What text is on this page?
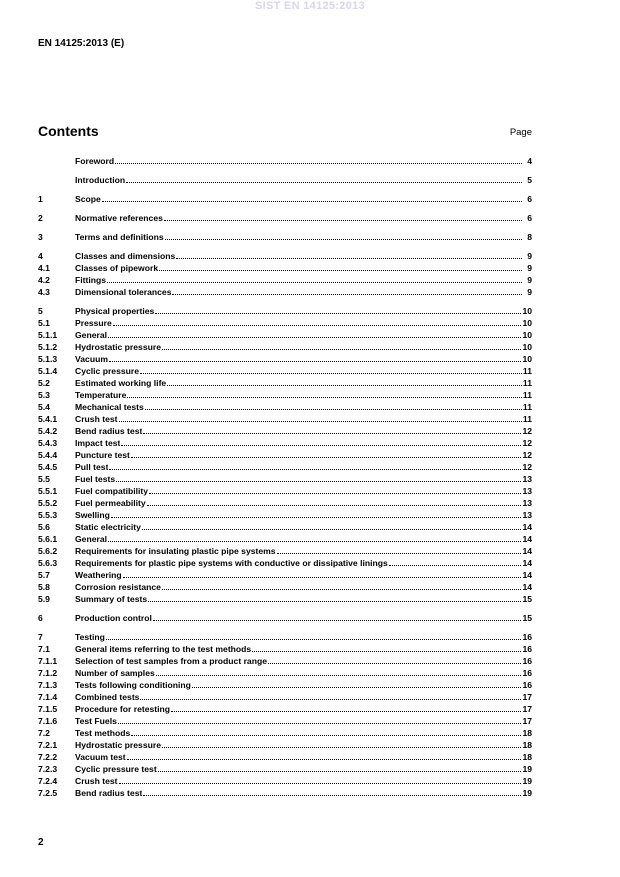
SIST EN 14125:2013
EN 14125:2013 (E)
Contents	Page
Foreword	4
Introduction	5
1	Scope	6
2	Normative references	6
3	Terms and definitions	8
4	Classes and dimensions	9
4.1	Classes of pipework	9
4.2	Fittings	9
4.3	Dimensional tolerances	9
5	Physical properties	10
5.1	Pressure	10
5.1.1	General	10
5.1.2	Hydrostatic pressure	10
5.1.3	Vacuum	10
5.1.4	Cyclic pressure	11
5.2	Estimated working life	11
5.3	Temperature	11
5.4	Mechanical tests	11
5.4.1	Crush test	11
5.4.2	Bend radius test	12
5.4.3	Impact test	12
5.4.4	Puncture test	12
5.4.5	Pull test	12
5.5	Fuel tests	13
5.5.1	Fuel compatibility	13
5.5.2	Fuel permeability	13
5.5.3	Swelling	13
5.6	Static electricity	14
5.6.1	General	14
5.6.2	Requirements for insulating plastic pipe systems	14
5.6.3	Requirements for plastic pipe systems with conductive or dissipative linings	14
5.7	Weathering	14
5.8	Corrosion resistance	14
5.9	Summary of tests	15
6	Production control	15
7	Testing	16
7.1	General items referring to the test methods	16
7.1.1	Selection of test samples from a product range	16
7.1.2	Number of samples	16
7.1.3	Tests following conditioning	16
7.1.4	Combined tests	17
7.1.5	Procedure for retesting	17
7.1.6	Test Fuels	17
7.2	Test methods	18
7.2.1	Hydrostatic pressure	18
7.2.2	Vacuum test	18
7.2.3	Cyclic pressure test	19
7.2.4	Crush test	19
7.2.5	Bend radius test	19
2
